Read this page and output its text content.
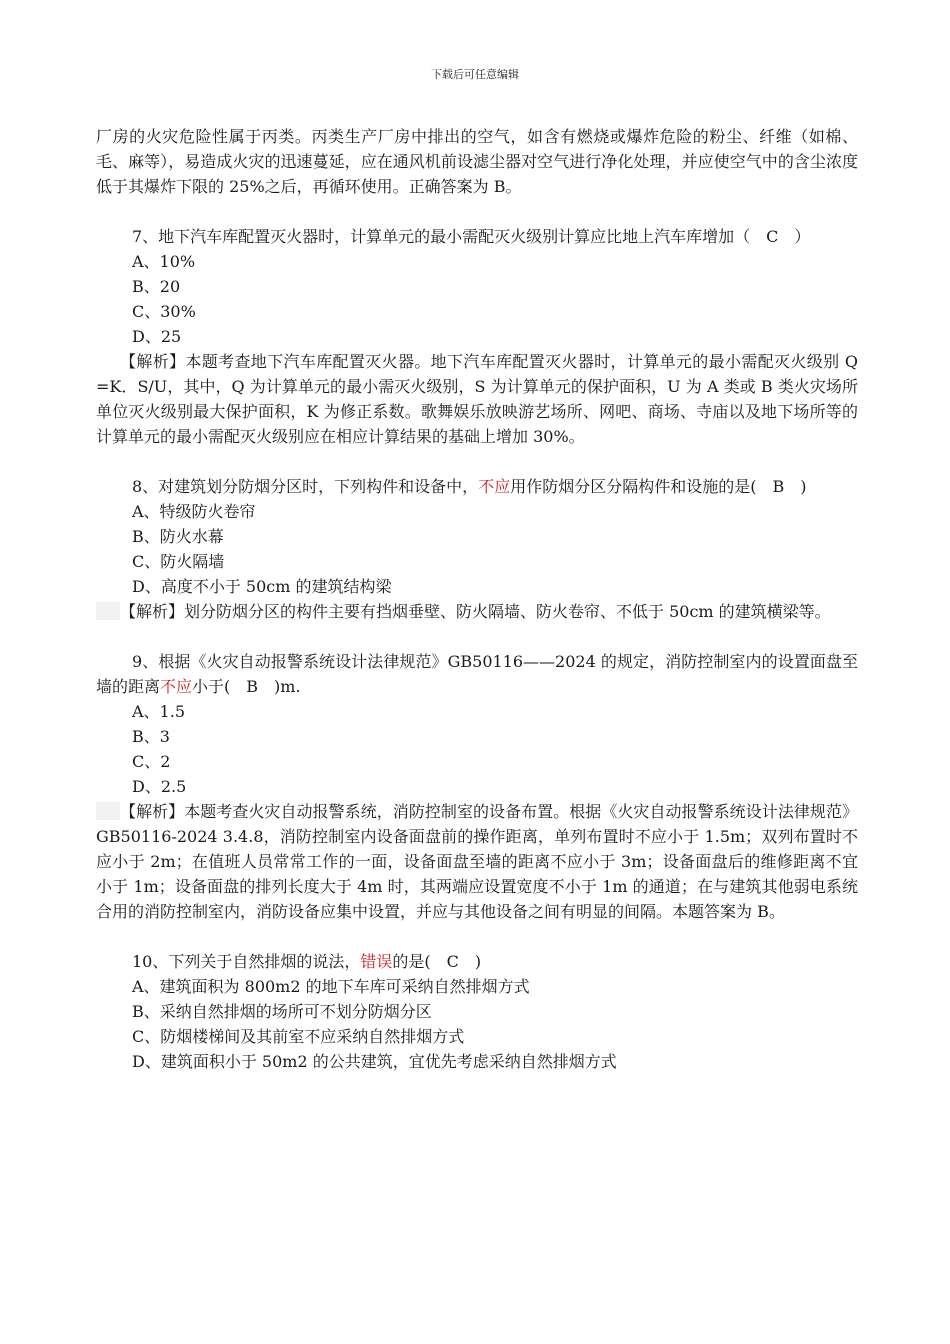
下载后可任意编辑

厂房的火灾危险性属于丙类。丙类生产厂房中排出的空气，如含有燃烧或爆炸危险的粉尘、纤维（如棉、毛、麻等），易造成火灾的迅速蔓延，应在通风机前设滤尘器对空气进行净化处理，并应使空气中的含尘浓度低于其爆炸下限的 25%之后，再循环使用。正确答案为 B。

7、地下汽车库配置灭火器时，计算单元的最小需配灭火级别计算应比地上汽车库增加（　C　）

A、10%

B、20

C、30%

D、25

【解析】本题考查地下汽车库配置灭火器。地下汽车库配置灭火器时，计算单元的最小需配灭火级别 Q =K．S/U，其中，Q 为计算单元的最小需灭火级别，S 为计算单元的保护面积，U 为 A 类或 B 类火灾场所单位灭火级别最大保护面积，K 为修正系数。歌舞娱乐放映游艺场所、网吧、商场、寺庙以及地下场所等的计算单元的最小需配灭火级别应在相应计算结果的基础上增加 30%。

8、对建筑划分防烟分区时，下列构件和设备中，不应用作防烟分区分隔构件和设施的是(　B　)

A、特级防火卷帘

B、防火水幕

C、防火隔墙

D、高度不小于 50cm 的建筑结构梁

【解析】划分防烟分区的构件主要有挡烟垂壁、防火隔墙、防火卷帘、不低于 50cm 的建筑横梁等。

9、根据《火灾自动报警系统设计法律规范》GB50116——2024 的规定，消防控制室内的设置面盘至墙的距离不应小于(　B　)m.

A、1.5

B、3

C、2

D、2.5

【解析】本题考查火灾自动报警系统，消防控制室的设备布置。根据《火灾自动报警系统设计法律规范》GB50116-2024 3.4.8，消防控制室内设备面盘前的操作距离，单列布置时不应小于 1.5m；双列布置时不应小于 2m；在值班人员常常工作的一面，设备面盘至墙的距离不应小于 3m；设备面盘后的维修距离不宜小于 1m；设备面盘的排列长度大于 4m 时，其两端应设置宽度不小于 1m 的通道；在与建筑其他弱电系统合用的消防控制室内，消防设备应集中设置，并应与其他设备之间有明显的间隔。本题答案为 B。

10、下列关于自然排烟的说法，错误的是(　C　)

A、建筑面积为 800m2 的地下车库可采纳自然排烟方式

B、采纳自然排烟的场所可不划分防烟分区

C、防烟楼梯间及其前室不应采纳自然排烟方式

D、建筑面积小于 50m2 的公共建筑，宜优先考虑采纳自然排烟方式
